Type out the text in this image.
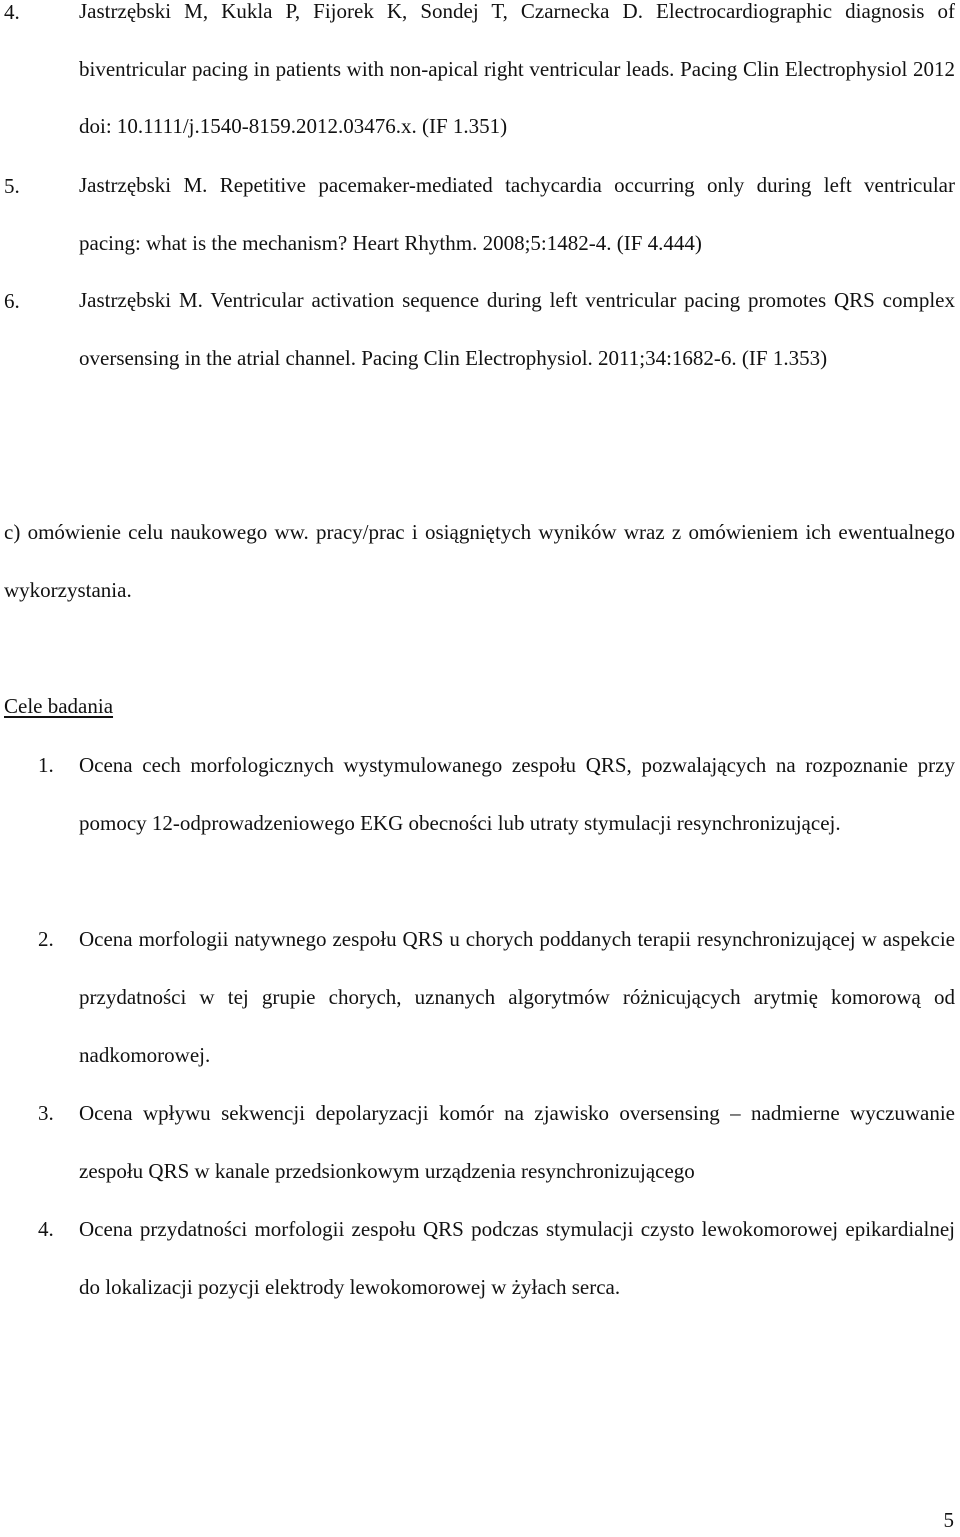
4.	Jastrzębski M, Kukla P, Fijorek K, Sondej T, Czarnecka D. Electrocardiographic diagnosis of biventricular pacing in patients with non-apical right ventricular leads. Pacing Clin Electrophysiol 2012 doi: 10.1111/j.1540-8159.2012.03476.x. (IF 1.351)
5.	Jastrzębski M. Repetitive pacemaker-mediated tachycardia occurring only during left ventricular pacing: what is the mechanism? Heart Rhythm. 2008;5:1482-4. (IF 4.444)
6.	Jastrzębski M. Ventricular activation sequence during left ventricular pacing promotes QRS complex oversensing in the atrial channel. Pacing Clin Electrophysiol. 2011;34:1682-6. (IF 1.353)
c) omówienie celu naukowego ww. pracy/prac i osiągniętych wyników wraz z omówieniem ich ewentualnego wykorzystania.
Cele badania
1. Ocena cech morfologicznych wystymulowanego zespołu QRS, pozwalających na rozpoznanie przy pomocy 12-odprowadzeniowego EKG obecności lub utraty stymulacji resynchronizującej.
2. Ocena morfologii natywnego zespołu QRS u chorych poddanych terapii resynchronizującej w aspekcie przydatności w tej grupie chorych, uznanych algorytmów różnicujących arytmię komorową od nadkomorowej.
3. Ocena wpływu sekwencji depolaryzacji komór na zjawisko oversensing – nadmierne wyczuwanie zespołu QRS w kanale przedsionkowym urządzenia resynchronizującego
4. Ocena przydatności morfologii zespołu QRS podczas stymulacji czysto lewokomorowej epikardialnej do lokalizacji pozycji elektrody lewokomorowej w żyłach serca.
5
